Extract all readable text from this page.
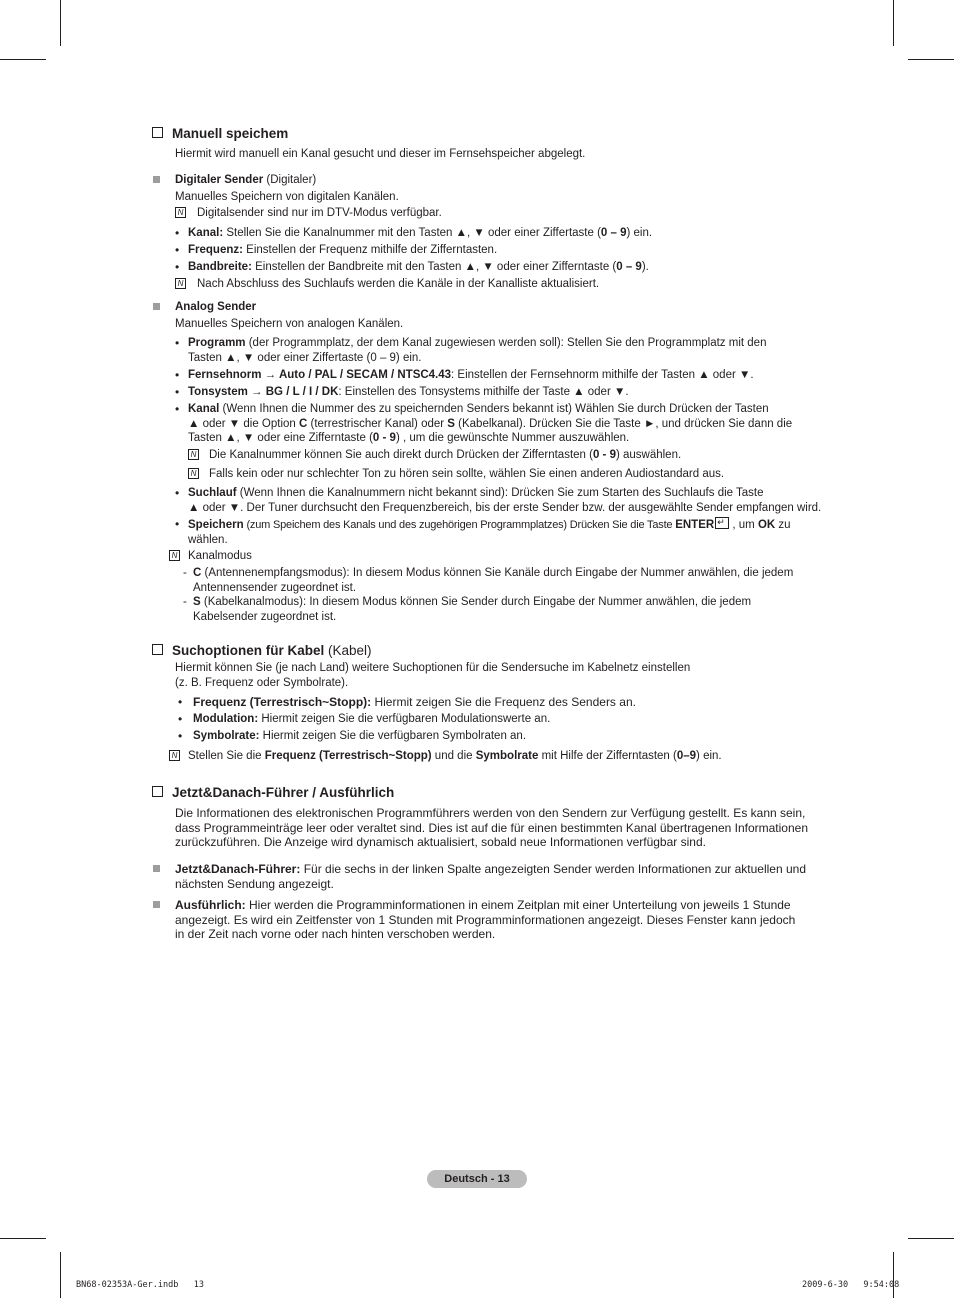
Manuell speichem
Hiermit wird manuell ein Kanal gesucht und dieser im Fernsehspeicher abgelegt.
Digitaler Sender (Digitaler)
Manuelles Speichern von digitalen Kanälen.
N Digitalsender sind nur im DTV-Modus verfügbar.
• Kanal: Stellen Sie die Kanalnummer mit den Tasten ▲, ▼ oder einer Ziffertaste (0 – 9) ein.
• Frequenz: Einstellen der Frequenz mithilfe der Zifferntasten.
• Bandbreite: Einstellen der Bandbreite mit den Tasten ▲, ▼ oder einer Zifferntaste (0 – 9).
N Nach Abschluss des Suchlaufs werden die Kanäle in der Kanalliste aktualisiert.
Analog Sender
Manuelles Speichern von analogen Kanälen.
• Programm (der Programmplatz, der dem Kanal zugewiesen werden soll): Stellen Sie den Programmplatz mit den
Tasten ▲, ▼ oder einer Ziffertaste (0 – 9) ein.
• Fernsehnorm → Auto / PAL / SECAM / NTSC4.43: Einstellen der Fernsehnorm mithilfe der Tasten ▲ oder ▼.
• Tonsystem → BG / L / I / DK: Einstellen des Tonsystems mithilfe der Taste ▲ oder ▼.
• Kanal (Wenn Ihnen die Nummer des zu speichernden Senders bekannt ist) Wählen Sie durch Drücken der Tasten
▲ oder ▼ die Option C (terrestrischer Kanal) oder S (Kabelkanal). Drücken Sie die Taste ►, und drücken Sie dann die
Tasten ▲, ▼ oder eine Zifferntaste (0 - 9) , um die gewünschte Nummer auszuwählen.
N Die Kanalnummer können Sie auch direkt durch Drücken der Zifferntasten (0 - 9) auswählen.
N Falls kein oder nur schlechter Ton zu hören sein sollte, wählen Sie einen anderen Audiostandard aus.
• Suchlauf (Wenn Ihnen die Kanalnummern nicht bekannt sind): Drücken Sie zum Starten des Suchlaufs die Taste
▲ oder ▼. Der Tuner durchsucht den Frequenzbereich, bis der erste Sender bzw. der ausgewählte Sender empfangen wird.
• Speichern (zum Speichem des Kanals und des zugehörigen Programmplatzes) Drücken Sie die Taste ENTER↵ , um OK zu
wählen.
N Kanalmodus
- C (Antennenempfangsmodus): In diesem Modus können Sie Kanäle durch Eingabe der Nummer anwählen, die jedem
Antennensender zugeordnet ist.
- S (Kabelkanalmodus): In diesem Modus können Sie Sender durch Eingabe der Nummer anwählen, die jedem
Kabelsender zugeordnet ist.
Suchoptionen für Kabel (Kabel)
Hiermit können Sie (je nach Land) weitere Suchoptionen für die Sendersuche im Kabelnetz einstellen
(z. B. Frequenz oder Symbolrate).
• Frequenz (Terrestrisch~Stopp): Hiermit zeigen Sie die Frequenz des Senders an.
• Modulation: Hiermit zeigen Sie die verfügbaren Modulationswerte an.
• Symbolrate: Hiermit zeigen Sie die verfügbaren Symbolraten an.
N Stellen Sie die Frequenz (Terrestrisch~Stopp) und die Symbolrate mit Hilfe der Zifferntasten (0–9) ein.
Jetzt&Danach-Führer / Ausführlich
Die Informationen des elektronischen Programmführers werden von den Sendern zur Verfügung gestellt. Es kann sein,
dass Programmeinträge leer oder veraltet sind. Dies ist auf die für einen bestimmten Kanal übertragenen Informationen
zurückzuführen. Die Anzeige wird dynamisch aktualisiert, sobald neue Informationen verfügbar sind.
Jetzt&Danach-Führer: Für die sechs in der linken Spalte angezeigten Sender werden Informationen zur aktuellen und
nächsten Sendung angezeigt.
Ausführlich: Hier werden die Programminformationen in einem Zeitplan mit einer Unterteilung von jeweils 1 Stunde
angezeigt. Es wird ein Zeitfenster von 1 Stunden mit Programminformationen angezeigt. Dieses Fenster kann jedoch
in der Zeit nach vorne oder nach hinten verschoben werden.
Deutsch - 13
BN68-02353A-Ger.indb   13	2009-6-30   9:54:08
